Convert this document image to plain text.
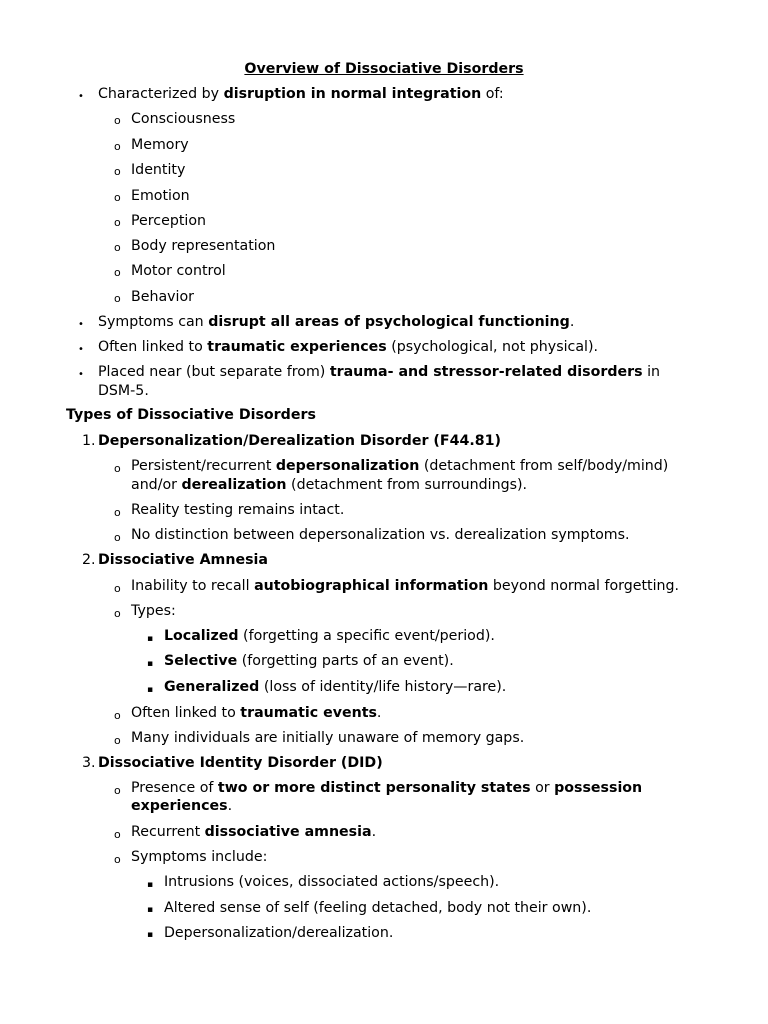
Overview of Dissociative Disorders
• Characterized by disruption in normal integration of:
o Consciousness
o Memory
o Identity
o Emotion
o Perception
o Body representation
o Motor control
o Behavior
• Symptoms can disrupt all areas of psychological functioning.
• Often linked to traumatic experiences (psychological, not physical).
• Placed near (but separate from) trauma- and stressor-related disorders in
DSM-5.
Types of Dissociative Disorders
1. Depersonalization/Derealization Disorder (F44.81)
o Persistent/recurrent depersonalization (detachment from self/body/mind)
and/or derealization (detachment from surroundings).
o Reality testing remains intact.
o No distinction between depersonalization vs. derealization symptoms.
2. Dissociative Amnesia
o Inability to recall autobiographical information beyond normal forgetting.
o Types:
▪ Localized (forgetting a specific event/period).
▪ Selective (forgetting parts of an event).
▪ Generalized (loss of identity/life history—rare).
o Often linked to traumatic events.
o Many individuals are initially unaware of memory gaps.
3. Dissociative Identity Disorder (DID)
o Presence of two or more distinct personality states or possession
experiences.
o Recurrent dissociative amnesia.
o Symptoms include:
▪ Intrusions (voices, dissociated actions/speech).
▪ Altered sense of self (feeling detached, body not their own).
▪ Depersonalization/derealization.
